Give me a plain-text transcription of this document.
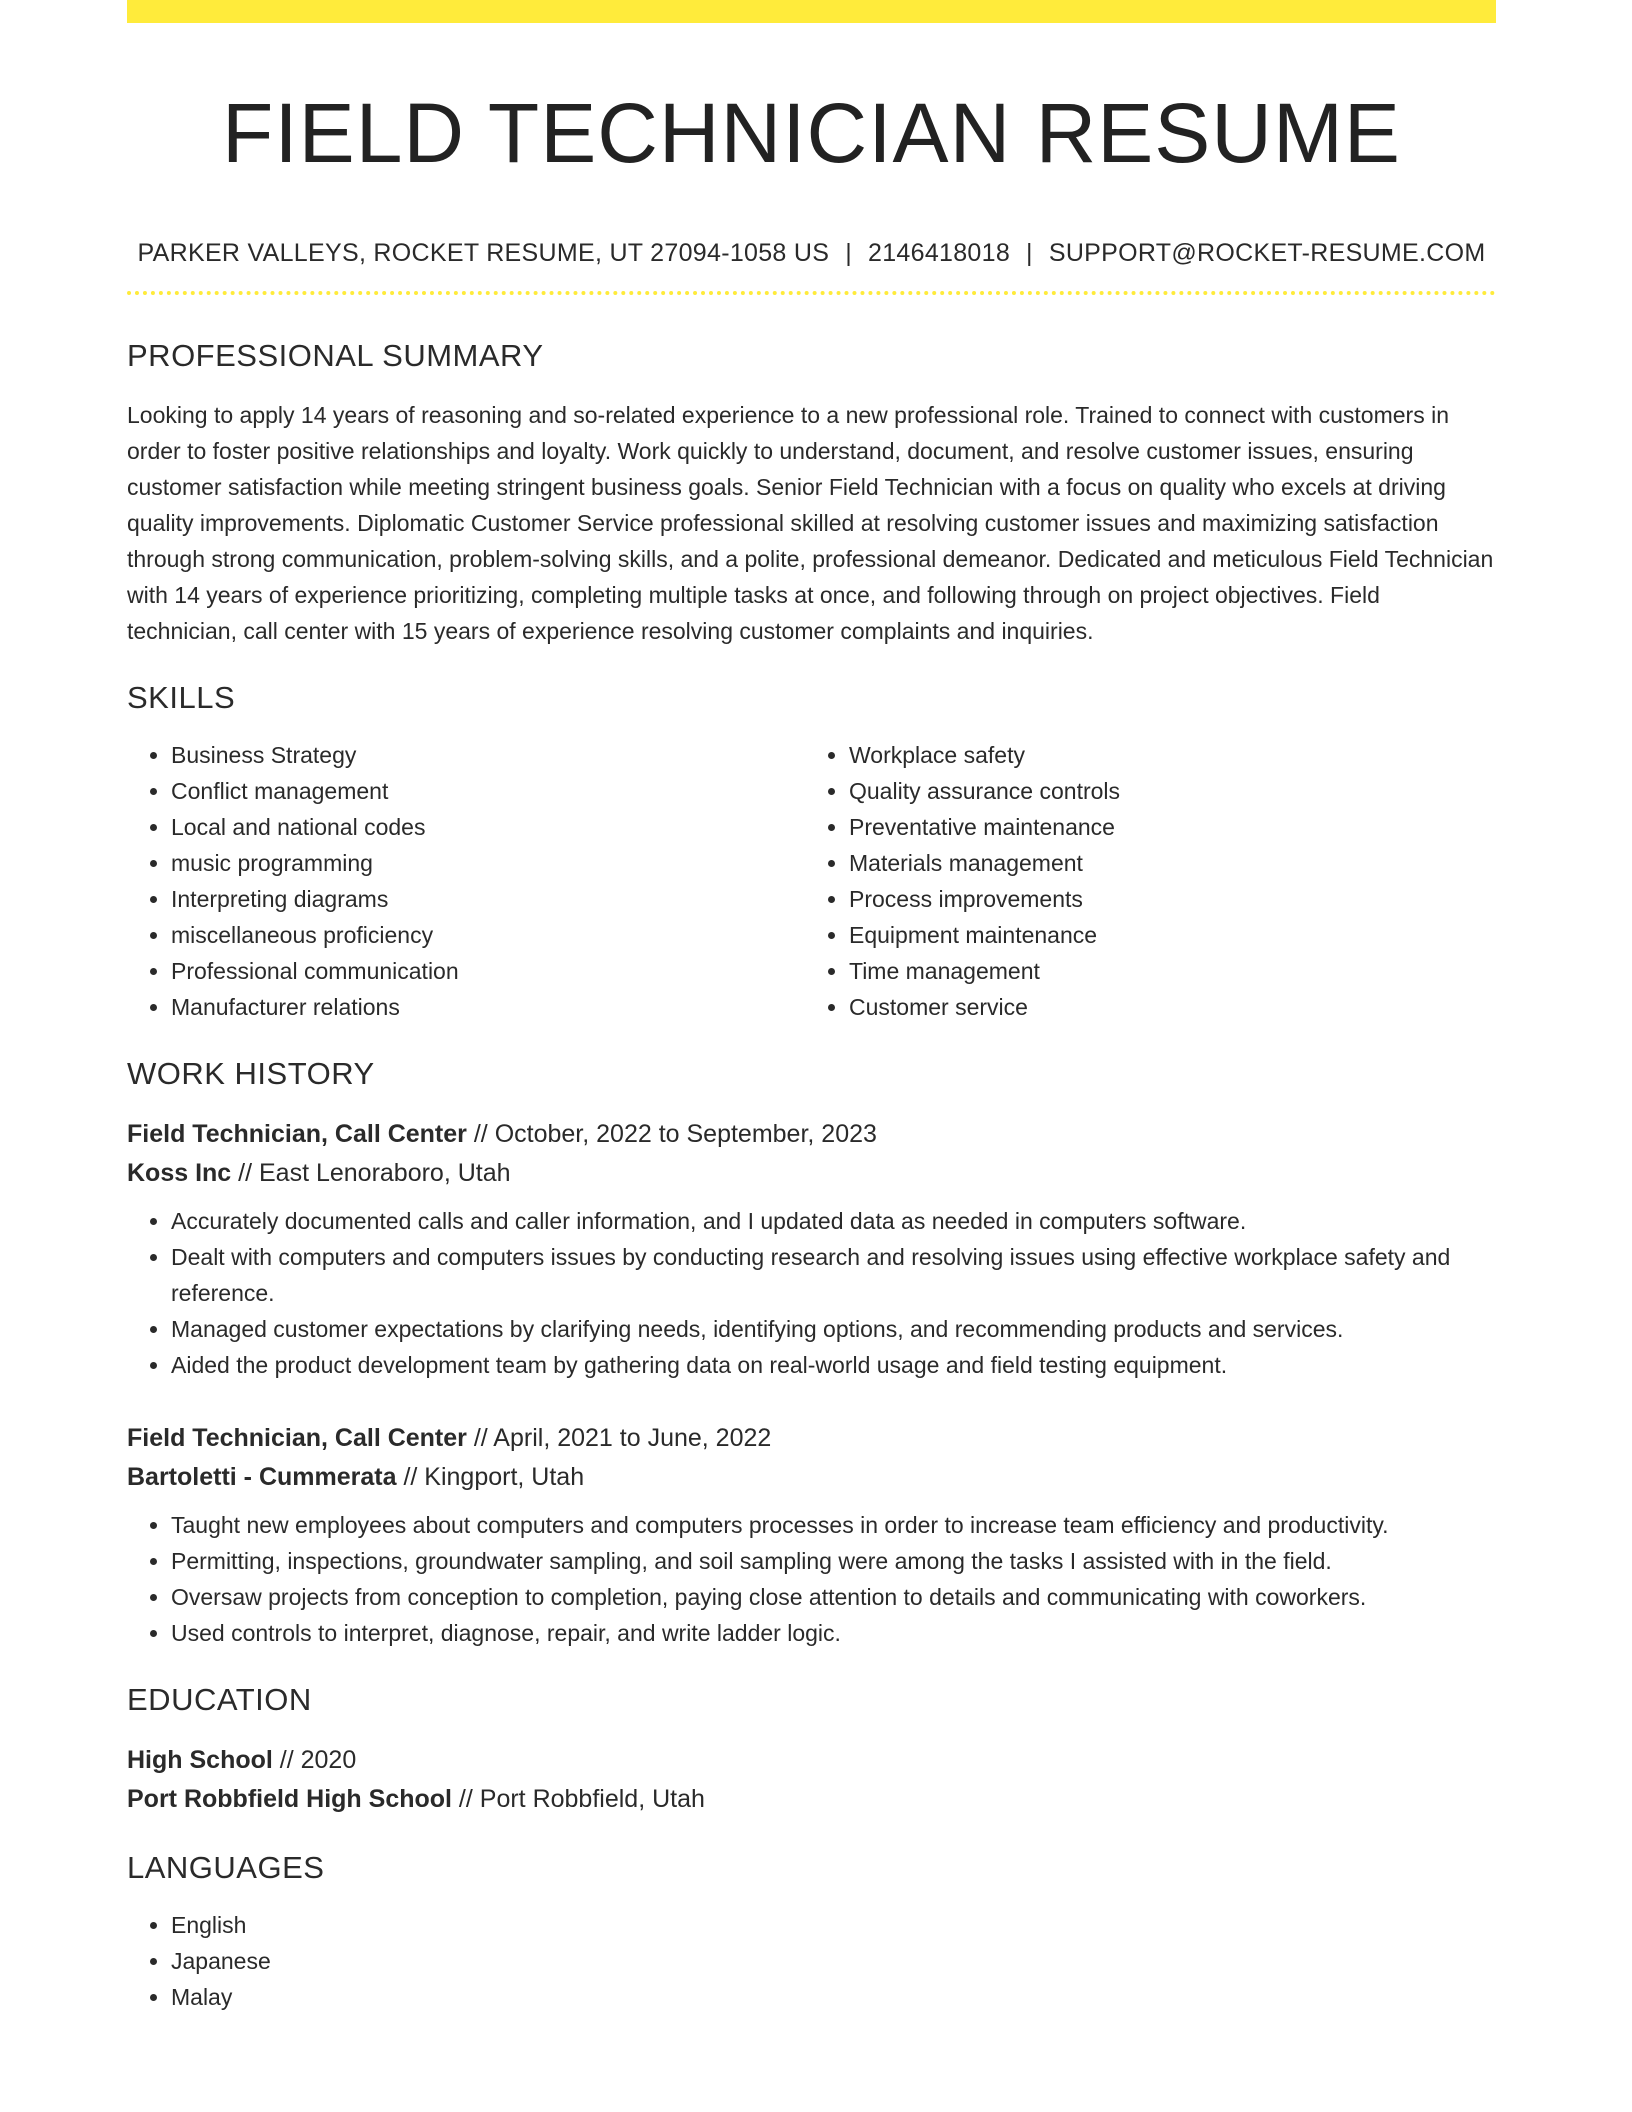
FIELD TECHNICIAN RESUME
PARKER VALLEYS, ROCKET RESUME, UT 27094-1058 US | 2146418018 | SUPPORT@ROCKET-RESUME.COM
PROFESSIONAL SUMMARY

Looking to apply 14 years of reasoning and so-related experience to a new professional role. Trained to connect with customers in order to foster positive relationships and loyalty. Work quickly to understand, document, and resolve customer issues, ensuring customer satisfaction while meeting stringent business goals. Senior Field Technician with a focus on quality who excels at driving quality improvements. Diplomatic Customer Service professional skilled at resolving customer issues and maximizing satisfaction through strong communication, problem-solving skills, and a polite, professional demeanor. Dedicated and meticulous Field Technician with 14 years of experience prioritizing, completing multiple tasks at once, and following through on project objectives. Field technician, call center with 15 years of experience resolving customer complaints and inquiries.

SKILLS
• Business Strategy
• Conflict management
• Local and national codes
• music programming
• Interpreting diagrams
• miscellaneous proficiency
• Professional communication
• Manufacturer relations
• Workplace safety
• Quality assurance controls
• Preventative maintenance
• Materials management
• Process improvements
• Equipment maintenance
• Time management
• Customer service
WORK HISTORY
Field Technician, Call Center // October, 2022 to September, 2023
Koss Inc // East Lenoraboro, Utah
• Accurately documented calls and caller information, and I updated data as needed in computers software.
• Dealt with computers and computers issues by conducting research and resolving issues using effective workplace safety and reference.
• Managed customer expectations by clarifying needs, identifying options, and recommending products and services.
• Aided the product development team by gathering data on real-world usage and field testing equipment.
Field Technician, Call Center // April, 2021 to June, 2022
Bartoletti - Cummerata // Kingport, Utah
• Taught new employees about computers and computers processes in order to increase team efficiency and productivity.
• Permitting, inspections, groundwater sampling, and soil sampling were among the tasks I assisted with in the field.
• Oversaw projects from conception to completion, paying close attention to details and communicating with coworkers.
• Used controls to interpret, diagnose, repair, and write ladder logic.
EDUCATION
High School // 2020
Port Robbfield High School // Port Robbfield, Utah
LANGUAGES
• English
• Japanese
• Malay
